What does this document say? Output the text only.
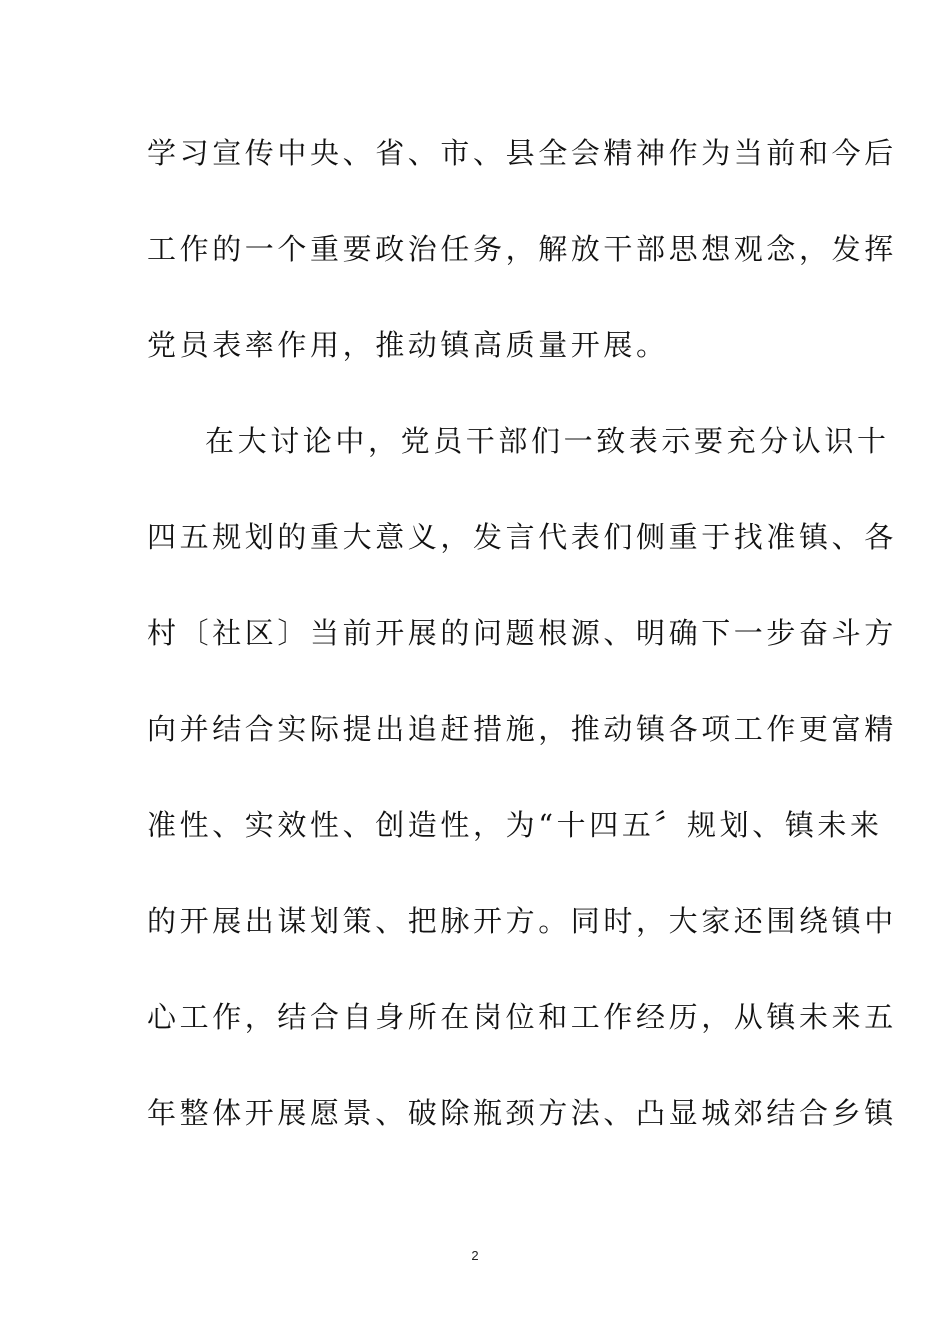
学习宣传中央、省、市、县全会精神作为当前和今后
工作的一个重要政治任务，解放干部思想观念，发挥
党员表率作用，推动镇高质量开展。
在大讨论中，党员干部们一致表示要充分认识十
四五规划的重大意义，发言代表们侧重于找准镇、各
村〔社区〕当前开展的问题根源、明确下一步奋斗方
向并结合实际提出追赶措施，推动镇各项工作更富精
准性、实效性、创造性，为“十四五〞规划、镇未来
的开展出谋划策、把脉开方。同时，大家还围绕镇中
心工作，结合自身所在岗位和工作经历，从镇未来五
年整体开展愿景、破除瓶颈方法、凸显城郊结合乡镇
2
